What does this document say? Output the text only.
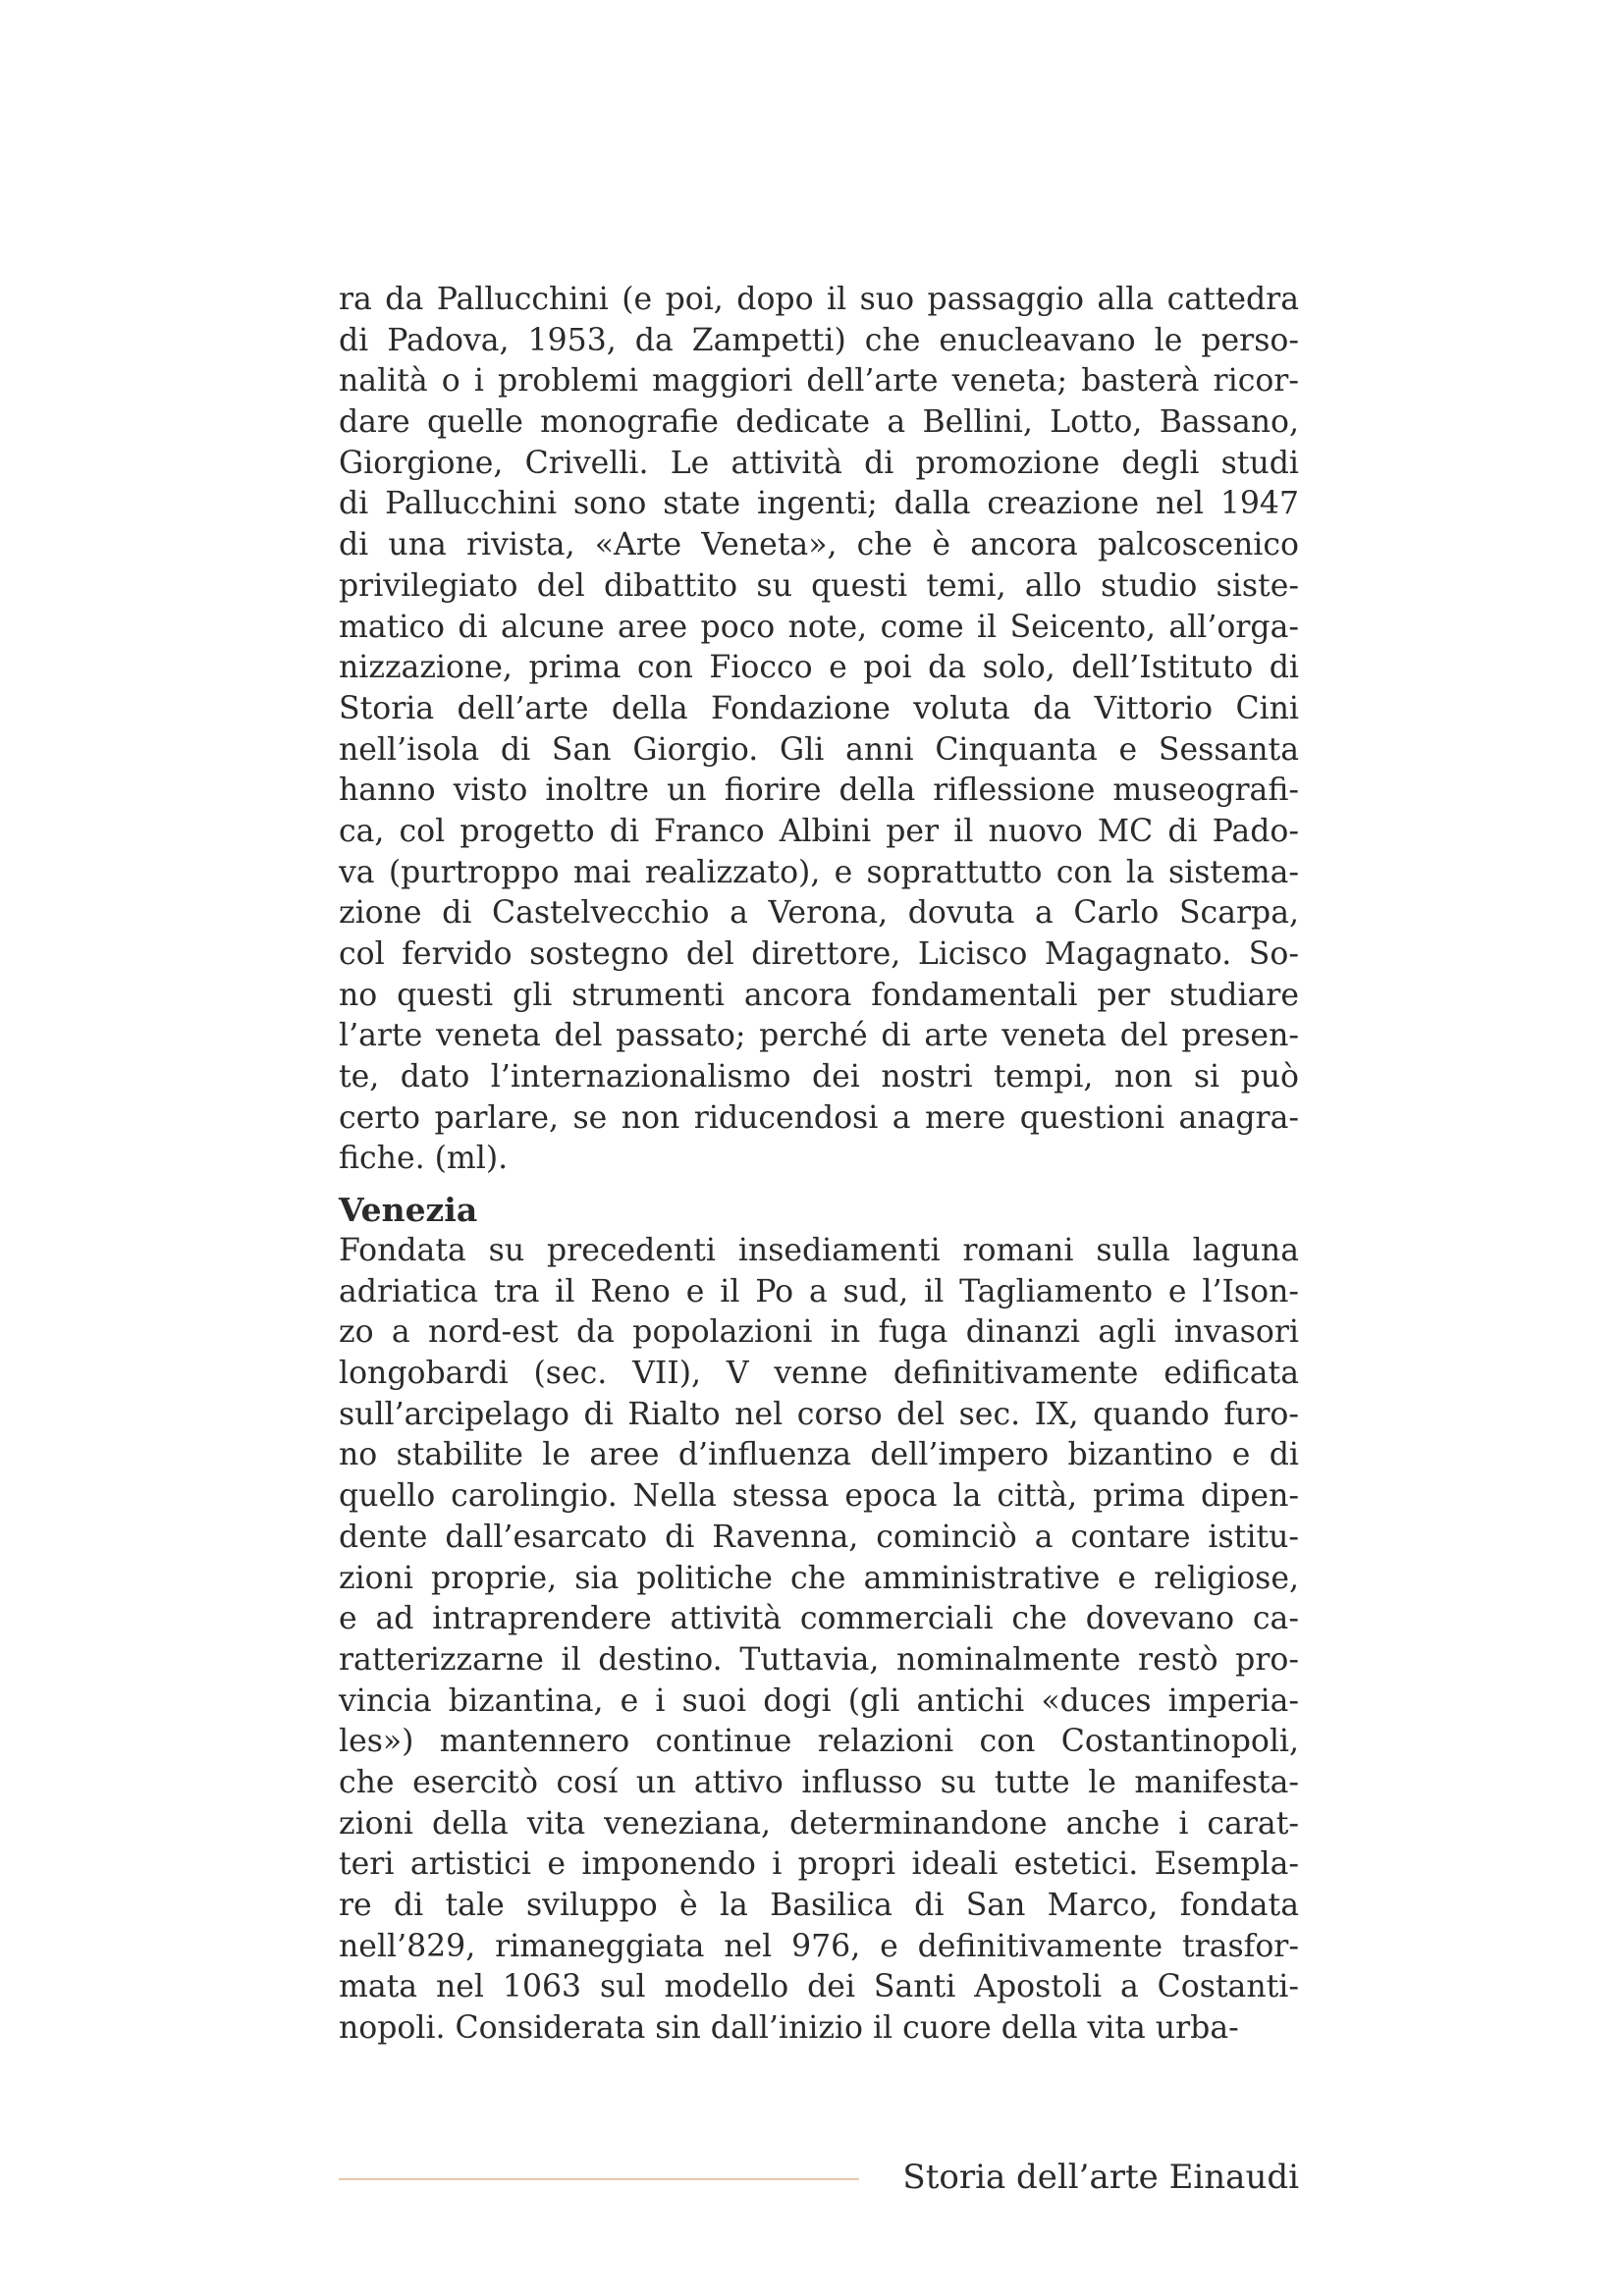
ra da Pallucchini (e poi, dopo il suo passaggio alla cattedra
di Padova, 1953, da Zampetti) che enucleavano le perso-
nalità o i problemi maggiori dell’arte veneta; basterà ricor-
dare quelle monografie dedicate a Bellini, Lotto, Bassano,
Giorgione, Crivelli. Le attività di promozione degli studi
di Pallucchini sono state ingenti; dalla creazione nel 1947
di una rivista, «Arte Veneta», che è ancora palcoscenico
privilegiato del dibattito su questi temi, allo studio siste-
matico di alcune aree poco note, come il Seicento, all’orga-
nizzazione, prima con Fiocco e poi da solo, dell’Istituto di
Storia dell’arte della Fondazione voluta da Vittorio Cini
nell’isola di San Giorgio. Gli anni Cinquanta e Sessanta
hanno visto inoltre un fiorire della riflessione museografi-
ca, col progetto di Franco Albini per il nuovo MC di Pado-
va (purtroppo mai realizzato), e soprattutto con la sistema-
zione di Castelvecchio a Verona, dovuta a Carlo Scarpa,
col fervido sostegno del direttore, Licisco Magagnato. So-
no questi gli strumenti ancora fondamentali per studiare
l’arte veneta del passato; perché di arte veneta del presen-
te, dato l’internazionalismo dei nostri tempi, non si può
certo parlare, se non riducendosi a mere questioni anagra-
fiche. (ml).
Venezia
Fondata su precedenti insediamenti romani sulla laguna
adriatica tra il Reno e il Po a sud, il Tagliamento e l’Ison-
zo a nord-est da popolazioni in fuga dinanzi agli invasori
longobardi (sec. VII), V venne definitivamente edificata
sull’arcipelago di Rialto nel corso del sec. IX, quando furo-
no stabilite le aree d’influenza dell’impero bizantino e di
quello carolingio. Nella stessa epoca la città, prima dipen-
dente dall’esarcato di Ravenna, cominciò a contare istitu-
zioni proprie, sia politiche che amministrative e religiose,
e ad intraprendere attività commerciali che dovevano ca-
ratterizzarne il destino. Tuttavia, nominalmente restò pro-
vincia bizantina, e i suoi dogi (gli antichi «duces imperia-
les») mantennero continue relazioni con Costantinopoli,
che esercitò cosí un attivo influsso su tutte le manifesta-
zioni della vita veneziana, determinandone anche i carat-
teri artistici e imponendo i propri ideali estetici. Esempla-
re di tale sviluppo è la Basilica di San Marco, fondata
nell’829, rimaneggiata nel 976, e definitivamente trasfor-
mata nel 1063 sul modello dei Santi Apostoli a Costanti-
nopoli. Considerata sin dall’inizio il cuore della vita urba-
Storia dell’arte Einaudi
